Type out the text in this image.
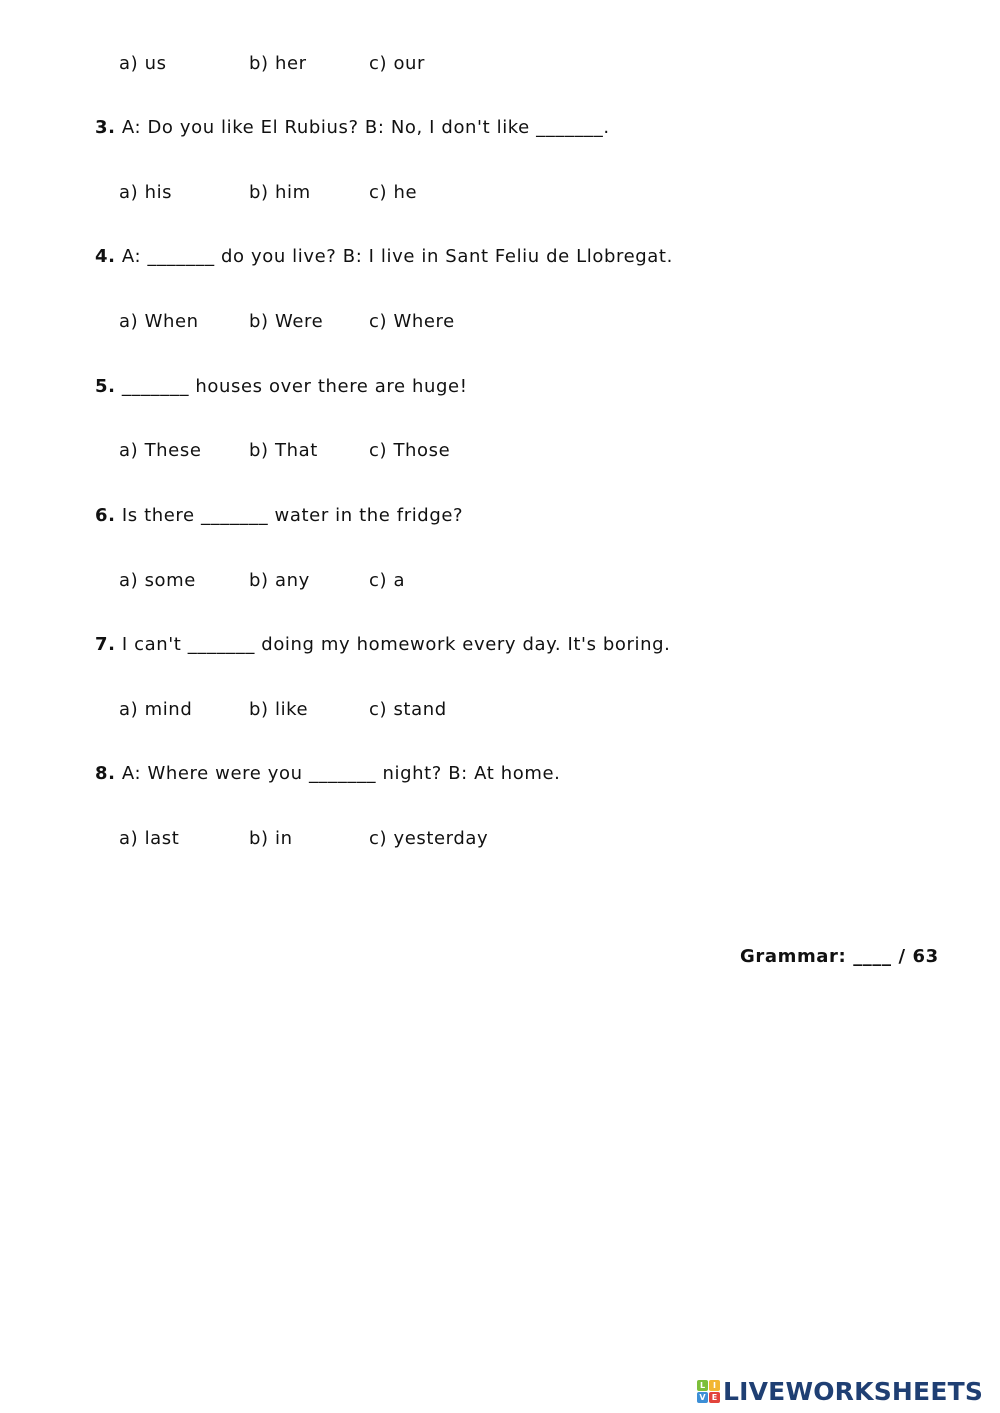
a) us	b) her	c) our
3. A: Do you like El Rubius? B: No, I don't like _______.
a) his	b) him	c) he
4. A: _______ do you live? B: I live in Sant Feliu de Llobregat.
a) When	b) Were	c) Where
5. _______ houses over there are huge!
a) These	b) That	c) Those
6. Is there _______ water in the fridge?
a) some	b) any	c) a
7. I can't _______ doing my homework every day. It's boring.
a) mind	b) like	c) stand
8. A: Where were you _______ night? B: At home.
a) last	b) in	c) yesterday
Grammar: ____ / 63
L I
V E LIVEWORKSHEETS
